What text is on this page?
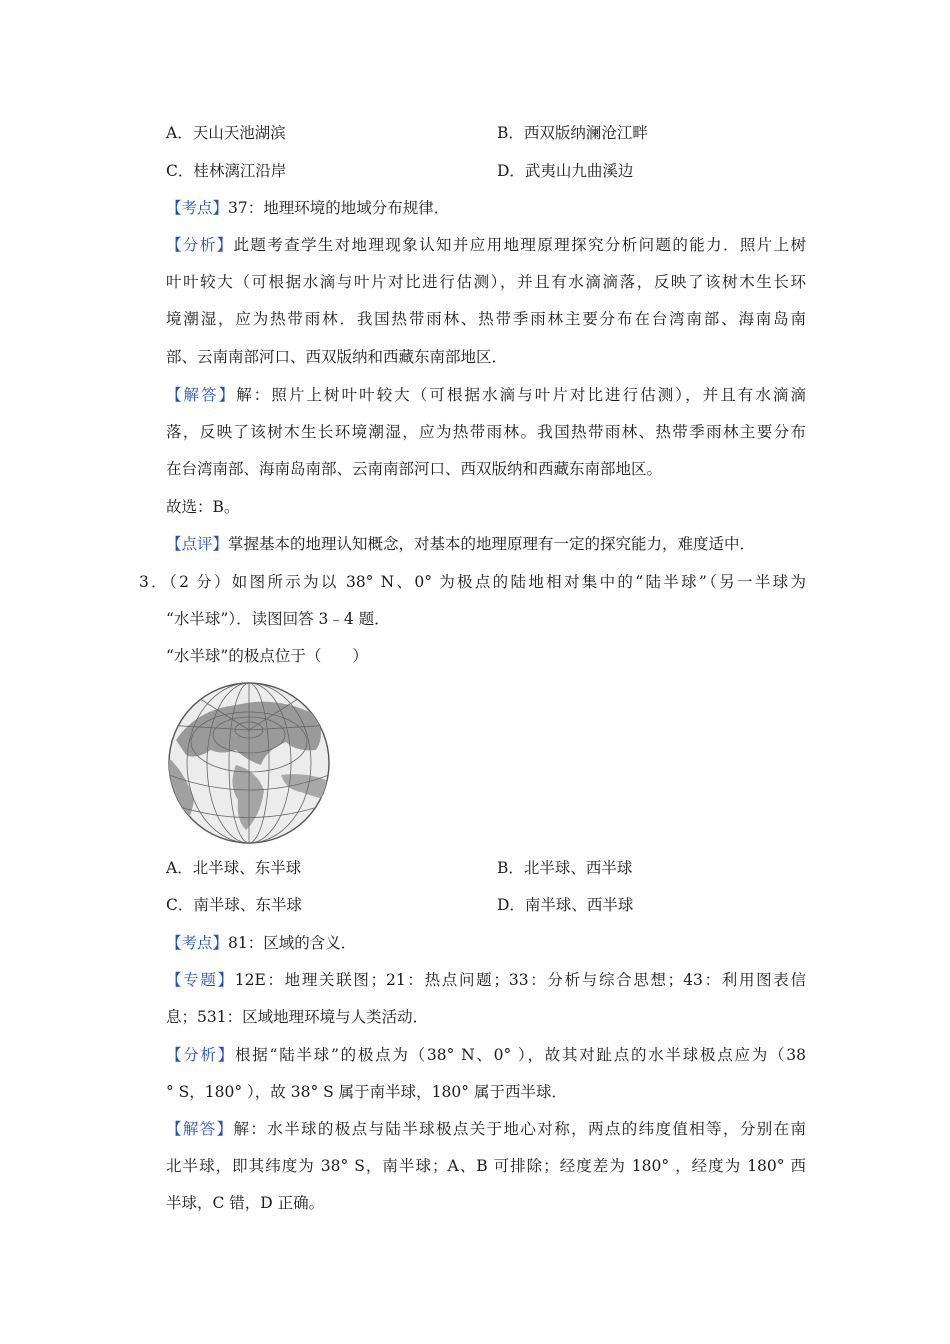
A．天山天池湖滨	B．西双版纳澜沧江畔
C．桂林漓江沿岸	D．武夷山九曲溪边
【考点】37：地理环境的地域分布规律．
【分析】此题考查学生对地理现象认知并应用地理原理探究分析问题的能力．照片上树
叶叶较大（可根据水滴与叶片对比进行估测），并且有水滴滴落，反映了该树木生长环
境潮湿，应为热带雨林．我国热带雨林、热带季雨林主要分布在台湾南部、海南岛南
部、云南南部河口、西双版纳和西藏东南部地区．
【解答】解：照片上树叶叶较大（可根据水滴与叶片对比进行估测），并且有水滴滴
落，反映了该树木生长环境潮湿，应为热带雨林。我国热带雨林、热带季雨林主要分布
在台湾南部、海南岛南部、云南南部河口、西双版纳和西藏东南部地区。
故选：B。
【点评】掌握基本的地理认知概念，对基本的地理原理有一定的探究能力，难度适中．
3．（2 分）如图所示为以 38° N、0° 为极点的陆地相对集中的“陆半球”（另一半球为
“水半球”）．读图回答 3﹣4 题．
“水半球”的极点位于（　　）
A．北半球、东半球	B．北半球、西半球
C．南半球、东半球	D．南半球、西半球
【考点】81：区域的含义．
【专题】12E：地理关联图；21：热点问题；33：分析与综合思想；43：利用图表信
息；531：区域地理环境与人类活动．
【分析】根据“陆半球”的极点为（38° N、0° ），故其对趾点的水半球极点应为（38
° S，180° ），故 38° S 属于南半球，180° 属于西半球．
【解答】解：水半球的极点与陆半球极点关于地心对称，两点的纬度值相等，分别在南
北半球，即其纬度为 38° S，南半球；A、B 可排除；经度差为 180° ，经度为 180° 西
半球，C 错，D 正确。
